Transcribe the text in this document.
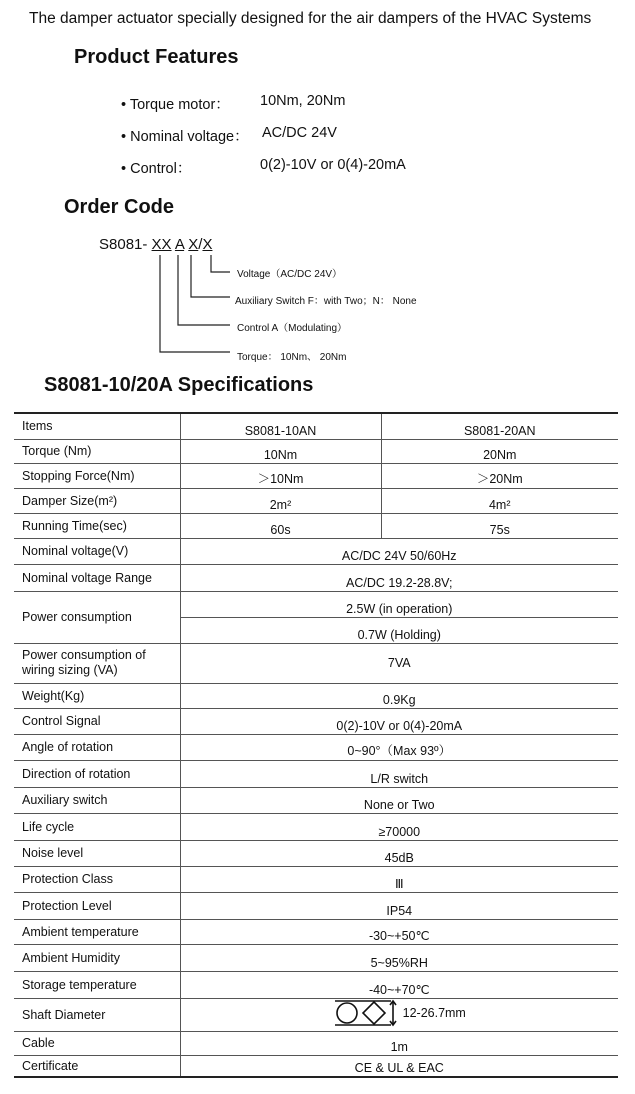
The damper actuator specially designed for the air dampers of the HVAC Systems
Product Features
• Torque motor： 10Nm, 20Nm
• Nominal voltage： AC/DC 24V
• Control：	0(2)-10V or 0(4)-20mA
Order Code
S8081- XX A X/X
Voltage（AC/DC 24V）
Auxiliary Switch F：with Two；N： None
Control A（Modulating）
Torque： 10Nm、 20Nm
S8081-10/20A Specifications
Items	S8081-10AN	S8081-20AN
Torque (Nm)	10Nm	20Nm
Stopping Force(Nm)	＞10Nm	＞20Nm
Damper Size(m²)	2m²	4m²
Running Time(sec)	60s	75s
Nominal voltage(V)	AC/DC 24V 50/60Hz	
Nominal voltage Range	AC/DC 19.2-28.8V;	
Power consumption	2.5W (in operation)	
	0.7W (Holding)	

Power consumption of
wiring sizing (VA)	7VA	
Weight(Kg)	0.9Kg	
Control Signal	0(2)-10V or 0(4)-20mA	
Angle of rotation	0~90°（Max 93º）	
Direction of rotation	L/R switch	
Auxiliary switch	None or Two	
Life cycle	≥70000	
Noise level	45dB	
Protection Class	Ⅲ	
Protection Level	IP54	
Ambient temperature	-30~+50℃	
Ambient Humidity	5~95%RH	
Storage temperature	-40~+70℃	
Shaft Diameter	12-26.7mm	

Cable	1m	
Certificate	CE & UL & EAC	
